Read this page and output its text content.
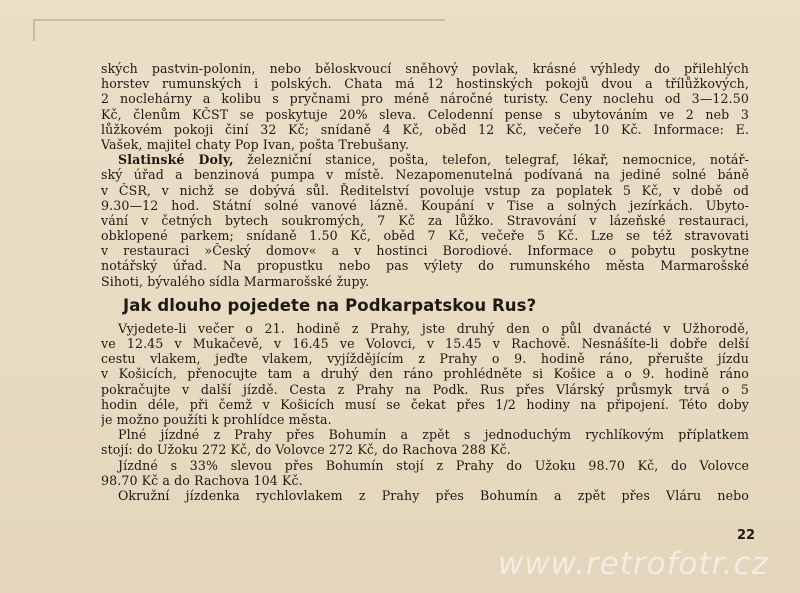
ských pastvin-polonin, nebo běloskvoucí sněhový povlak, krásné výhledy do přilehlých
horstev rumunských i polských. Chata má 12 hostinských pokojů dvou a třílůžkových,
2 noclehárny a kolibu s pryčnami pro méně náročné turisty. Ceny noclehu od 3—12.50
Kč, členům KČST se poskytuje 20% sleva. Celodenní pense s ubytováním ve 2 neb 3
lůžkovém pokoji činí 32 Kč; snídaně 4 Kč, oběd 12 Kč, večeře 10 Kč. Informace: E.
Vašek, majitel chaty Pop Ivan, pošta Trebušany.
Slatinské Doly, železniční stanice, pošta, telefon, telegraf, lékař, nemocnice, notář-
ský úřad a benzinová pumpa v místě. Nezapomenutelná podívaná na jediné solné báně
v ČSR, v nichž se dobývá sůl. Ředitelství povoluje vstup za poplatek 5 Kč, v době od
9.30—12 hod. Státní solné vanové lázně. Koupání v Tise a solných jezírkách. Ubyto-
vání v četných bytech soukromých, 7 Kč za lůžko. Stravování v lázeňské restauraci,
obklopené parkem; snídaně 1.50 Kč, oběd 7 Kč, večeře 5 Kč. Lze se též stravovati
v restauraci »Český domov« a v hostinci Borodiové. Informace o pobytu poskytne
notářský úřad. Na propustku nebo pas výlety do rumunského města Marmarošské
Sihoti, bývalého sídla Marmarošské župy.
Jak dlouho pojedete na Podkarpatskou Rus?
Vyjedete-li večer o 21. hodině z Prahy, jste druhý den o půl dvanácté v Užhorodě,
ve 12.45 v Mukačevě, v 16.45 ve Volovci, v 15.45 v Rachově. Nesnášíte-li dobře delší
cestu vlakem, jeďte vlakem, vyjíždějícím z Prahy o 9. hodině ráno, přerušte jízdu
v Košicích, přenocujte tam a druhý den ráno prohlédněte si Košice a o 9. hodině ráno
pokračujte v další jízdě. Cesta z Prahy na Podk. Rus přes Vlárský průsmyk trvá o 5
hodin déle, při čemž v Košicích musí se čekat přes 1/2 hodiny na připojení. Této doby
je možno použíti k prohlídce města.
Plné jízdné z Prahy přes Bohumín a zpět s jednoduchým rychlíkovým příplatkem
stojí: do Užoku 272 Kč, do Volovce 272 Kč, do Rachova 288 Kč.
Jízdné s 33% slevou přes Bohumín stojí z Prahy do Užoku 98.70 Kč, do Volovce
98.70 Kč a do Rachova 104 Kč.
Okružní jízdenka rychlovlakem z Prahy přes Bohumín a zpět přes Vláru nebo
22
www.retrofotr.cz
